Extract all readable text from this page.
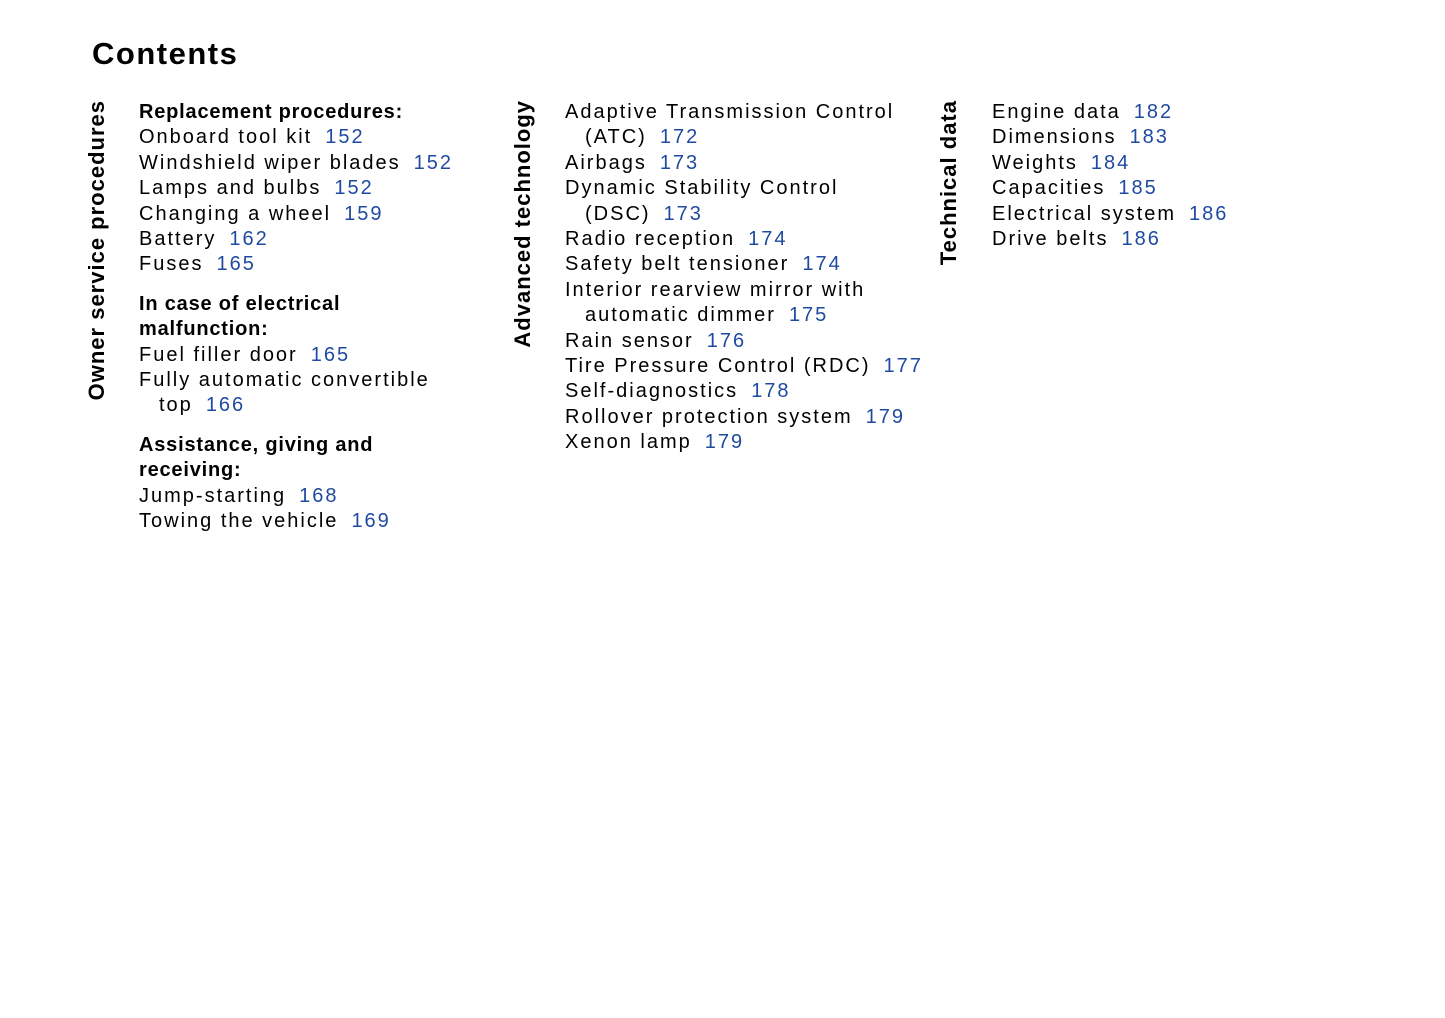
Contents
Owner service procedures Replacement procedures:
Onboard tool kit 152
Windshield wiper blades 152
Lamps and bulbs 152
Changing a wheel 159
Battery 162
Fuses 165
In case of electrical
malfunction:
Fuel filler door 165
Fully automatic convertible
top 166
Assistance, giving and
receiving:
Jump-starting 168
Towing the vehicle 169
Advanced technology Adaptive Transmission Control
(ATC) 172
Airbags 173
Dynamic Stability Control
(DSC) 173
Radio reception 174
Safety belt tensioner 174
Interior rearview mirror with
automatic dimmer 175
Rain sensor 176
Tire Pressure Control (RDC) 177
Self-diagnostics 178
Rollover protection system 179
Xenon lamp 179
Technical data Engine data 182
Dimensions 183
Weights 184
Capacities 185
Electrical system 186
Drive belts 186
